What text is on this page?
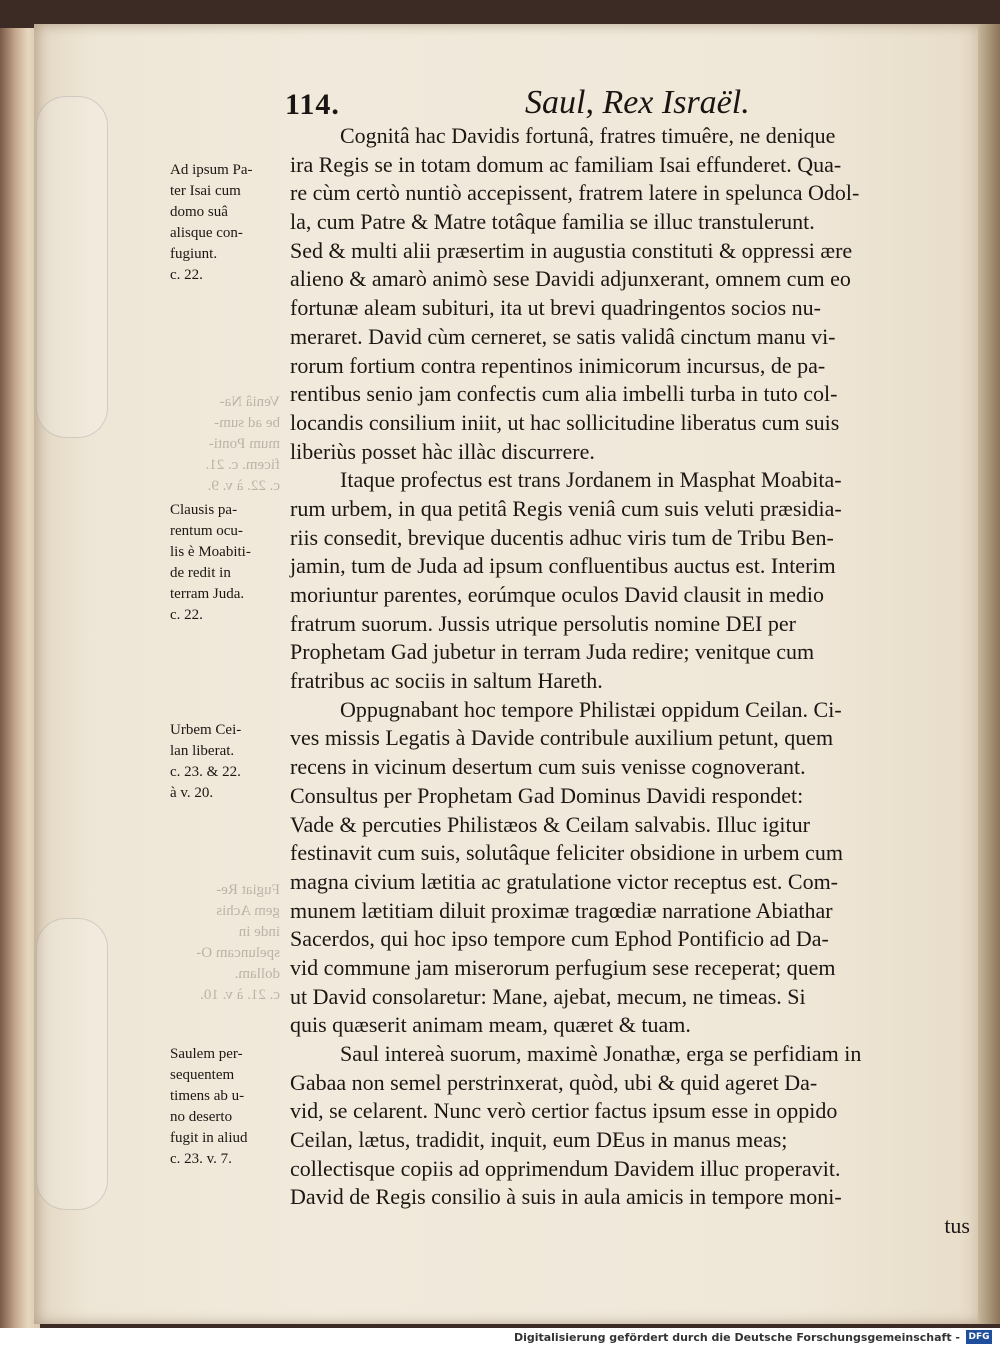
114.	Saul, Rex Israël.
Veniâ Na-
be ad sum-
mum Ponti-
ficem. c. 21.
c. 22. à v. 9.
Fugiat Re-
gem Achis
inde in
speluncam O-
dollam.
c. 21. à v. 10.
Ad ipsum Pa-
ter Isai cum
domo suâ
alisque con-
fugiunt.
c. 22.
Clausis pa-
rentum ocu-
lis è Moabiti-
de redit in
terram Juda.
c. 22.
Urbem Cei-
lan liberat.
c. 23. & 22.
à v. 20.
Saulem per-
sequentem
timens ab u-
no deserto
fugit in aliud
c. 23. v. 7.
Cognitâ hac Davidis fortunâ, fratres timuêre, ne denique
ira Regis se in totam domum ac familiam Isai effunderet. Qua-
re cùm certò nuntiò accepissent, fratrem latere in spelunca Odol-
la, cum Patre & Matre totâque familia se illuc transtulerunt.
Sed & multi alii præsertim in augustia constituti & oppressi ære
alieno & amarò animò sese Davidi adjunxerant, omnem cum eo
fortunæ aleam subituri, ita ut brevi quadringentos socios nu-
meraret. David cùm cerneret, se satis validâ cinctum manu vi-
rorum fortium contra repentinos inimicorum incursus, de pa-
rentibus senio jam confectis cum alia imbelli turba in tuto col-
locandis consilium iniit, ut hac sollicitudine liberatus cum suis
liberiùs posset hàc illàc discurrere.
Itaque profectus est trans Jordanem in Masphat Moabita-
rum urbem, in qua petitâ Regis veniâ cum suis veluti præsidia-
riis consedit, brevique ducentis adhuc viris tum de Tribu Ben-
jamin, tum de Juda ad ipsum confluentibus auctus est. Interim
moriuntur parentes, eorúmque oculos David clausit in medio
fratrum suorum. Jussis utrique persolutis nomine DEI per
Prophetam Gad jubetur in terram Juda redire; venitque cum
fratribus ac sociis in saltum Hareth.
Oppugnabant hoc tempore Philistæi oppidum Ceilan. Ci-
ves missis Legatis à Davide contribule auxilium petunt, quem
recens in vicinum desertum cum suis venisse cognoverant.
Consultus per Prophetam Gad Dominus Davidi respondet:
Vade & percuties Philistæos & Ceilam salvabis. Illuc igitur
festinavit cum suis, solutâque feliciter obsidione in urbem cum
magna civium lætitia ac gratulatione victor receptus est. Com-
munem lætitiam diluit proximæ tragœdiæ narratione Abiathar
Sacerdos, qui hoc ipso tempore cum Ephod Pontificio ad Da-
vid commune jam miserorum perfugium sese receperat; quem
ut David consolaretur: Mane, ajebat, mecum, ne timeas. Si
quis quæserit animam meam, quæret & tuam.
Saul intereà suorum, maximè Jonathæ, erga se perfidiam in
Gabaa non semel perstrinxerat, quòd, ubi & quid ageret Da-
vid, se celarent. Nunc verò certior factus ipsum esse in oppido
Ceilan, lætus, tradidit, inquit, eum DEus in manus meas;
collectisque copiis ad opprimendum Davidem illuc properavit.
David de Regis consilio à suis in aula amicis in tempore moni-
tus
Digitalisierung gefördert durch die Deutsche Forschungsgemeinschaft - DFG
